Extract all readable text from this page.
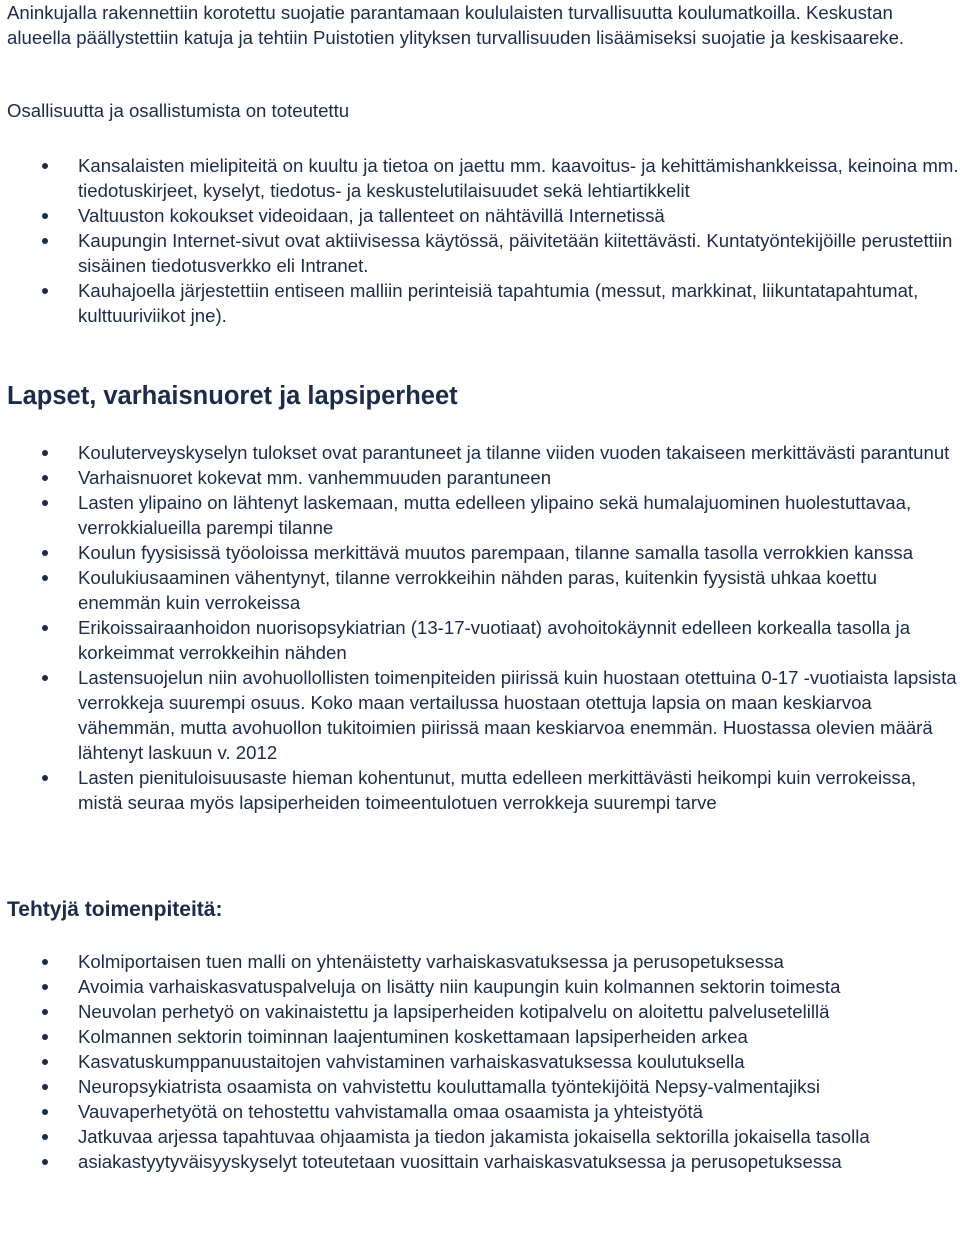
Aninkujalla rakennettiin korotettu suojatie parantamaan koululaisten turvallisuutta koulumatkoilla. Keskustan alueella päällystettiin katuja ja tehtiin Puistotien ylityksen turvallisuuden lisäämiseksi suojatie ja keskisaareke.

Osallisuutta ja osallistumista on toteutettu

Kansalaisten mielipiteitä on kuultu ja tietoa on jaettu mm. kaavoitus- ja kehittämishankkeissa, keinoina mm. tiedotuskirjeet, kyselyt, tiedotus- ja keskustelutilaisuudet sekä lehtiartikkelit
Valtuuston kokoukset videoidaan, ja tallenteet on nähtävillä Internetissä
Kaupungin Internet-sivut ovat aktiivisessa käytössä, päivitetään kiitettävästi. Kuntatyöntekijöille perustettiin sisäinen tiedotusverkko eli Intranet.
Kauhajoella järjestettiin entiseen malliin perinteisiä tapahtumia (messut, markkinat, liikuntatapahtumat, kulttuuriviikot jne).
Lapset, varhaisnuoret ja lapsiperheet
Kouluterveyskyselyn tulokset ovat parantuneet ja tilanne viiden vuoden takaiseen merkittävästi parantunut
Varhaisnuoret kokevat mm. vanhemmuuden parantuneen
Lasten ylipaino on lähtenyt laskemaan, mutta edelleen ylipaino sekä humalajuominen huolestuttavaa, verrokkialueilla parempi tilanne
Koulun fyysisissä työoloissa merkittävä muutos parempaan, tilanne samalla tasolla verrokkien kanssa
Koulukiusaaminen vähentynyt, tilanne verrokkeihin nähden paras, kuitenkin fyysistä uhkaa koettu enemmän kuin verrokeissa
Erikoissairaanhoidon nuorisopsykiatrian (13-17-vuotiaat) avohoitokäynnit edelleen korkealla tasolla ja korkeimmat verrokkeihin nähden
Lastensuojelun niin avohuollollisten toimenpiteiden piirissä kuin huostaan otettuina 0-17 -vuotiaista lapsista verrokkeja suurempi osuus. Koko maan vertailussa huostaan otettuja lapsia on maan keskiarvoa vähemmän, mutta avohuollon tukitoimien piirissä maan keskiarvoa enemmän. Huostassa olevien määrä lähtenyt laskuun v. 2012
Lasten pienituloisuusaste hieman kohentunut, mutta edelleen merkittävästi heikompi kuin verrokeissa, mistä seuraa myös lapsiperheiden toimeentulotuen verrokkeja suurempi tarve
Tehtyjä toimenpiteitä:
Kolmiportaisen tuen malli on yhtenäistetty varhaiskasvatuksessa ja perusopetuksessa
Avoimia varhaiskasvatuspalveluja on lisätty niin kaupungin kuin kolmannen sektorin toimesta
Neuvolan perhetyö on vakinaistettu ja lapsiperheiden kotipalvelu on aloitettu palvelusetelillä
Kolmannen sektorin toiminnan laajentuminen koskettamaan lapsiperheiden arkea
Kasvatuskumppanuustaitojen vahvistaminen varhaiskasvatuksessa koulutuksella
Neuropsykiatrista osaamista on vahvistettu kouluttamalla työntekijöitä Nepsy-valmentajiksi
Vauvaperhetyötä on tehostettu vahvistamalla omaa osaamista ja yhteistyötä
Jatkuvaa arjessa tapahtuvaa ohjaamista ja tiedon jakamista jokaisella sektorilla jokaisella tasolla
asiakastyytyväisyyskyselyt toteutetaan vuosittain varhaiskasvatuksessa ja perusopetuksessa
